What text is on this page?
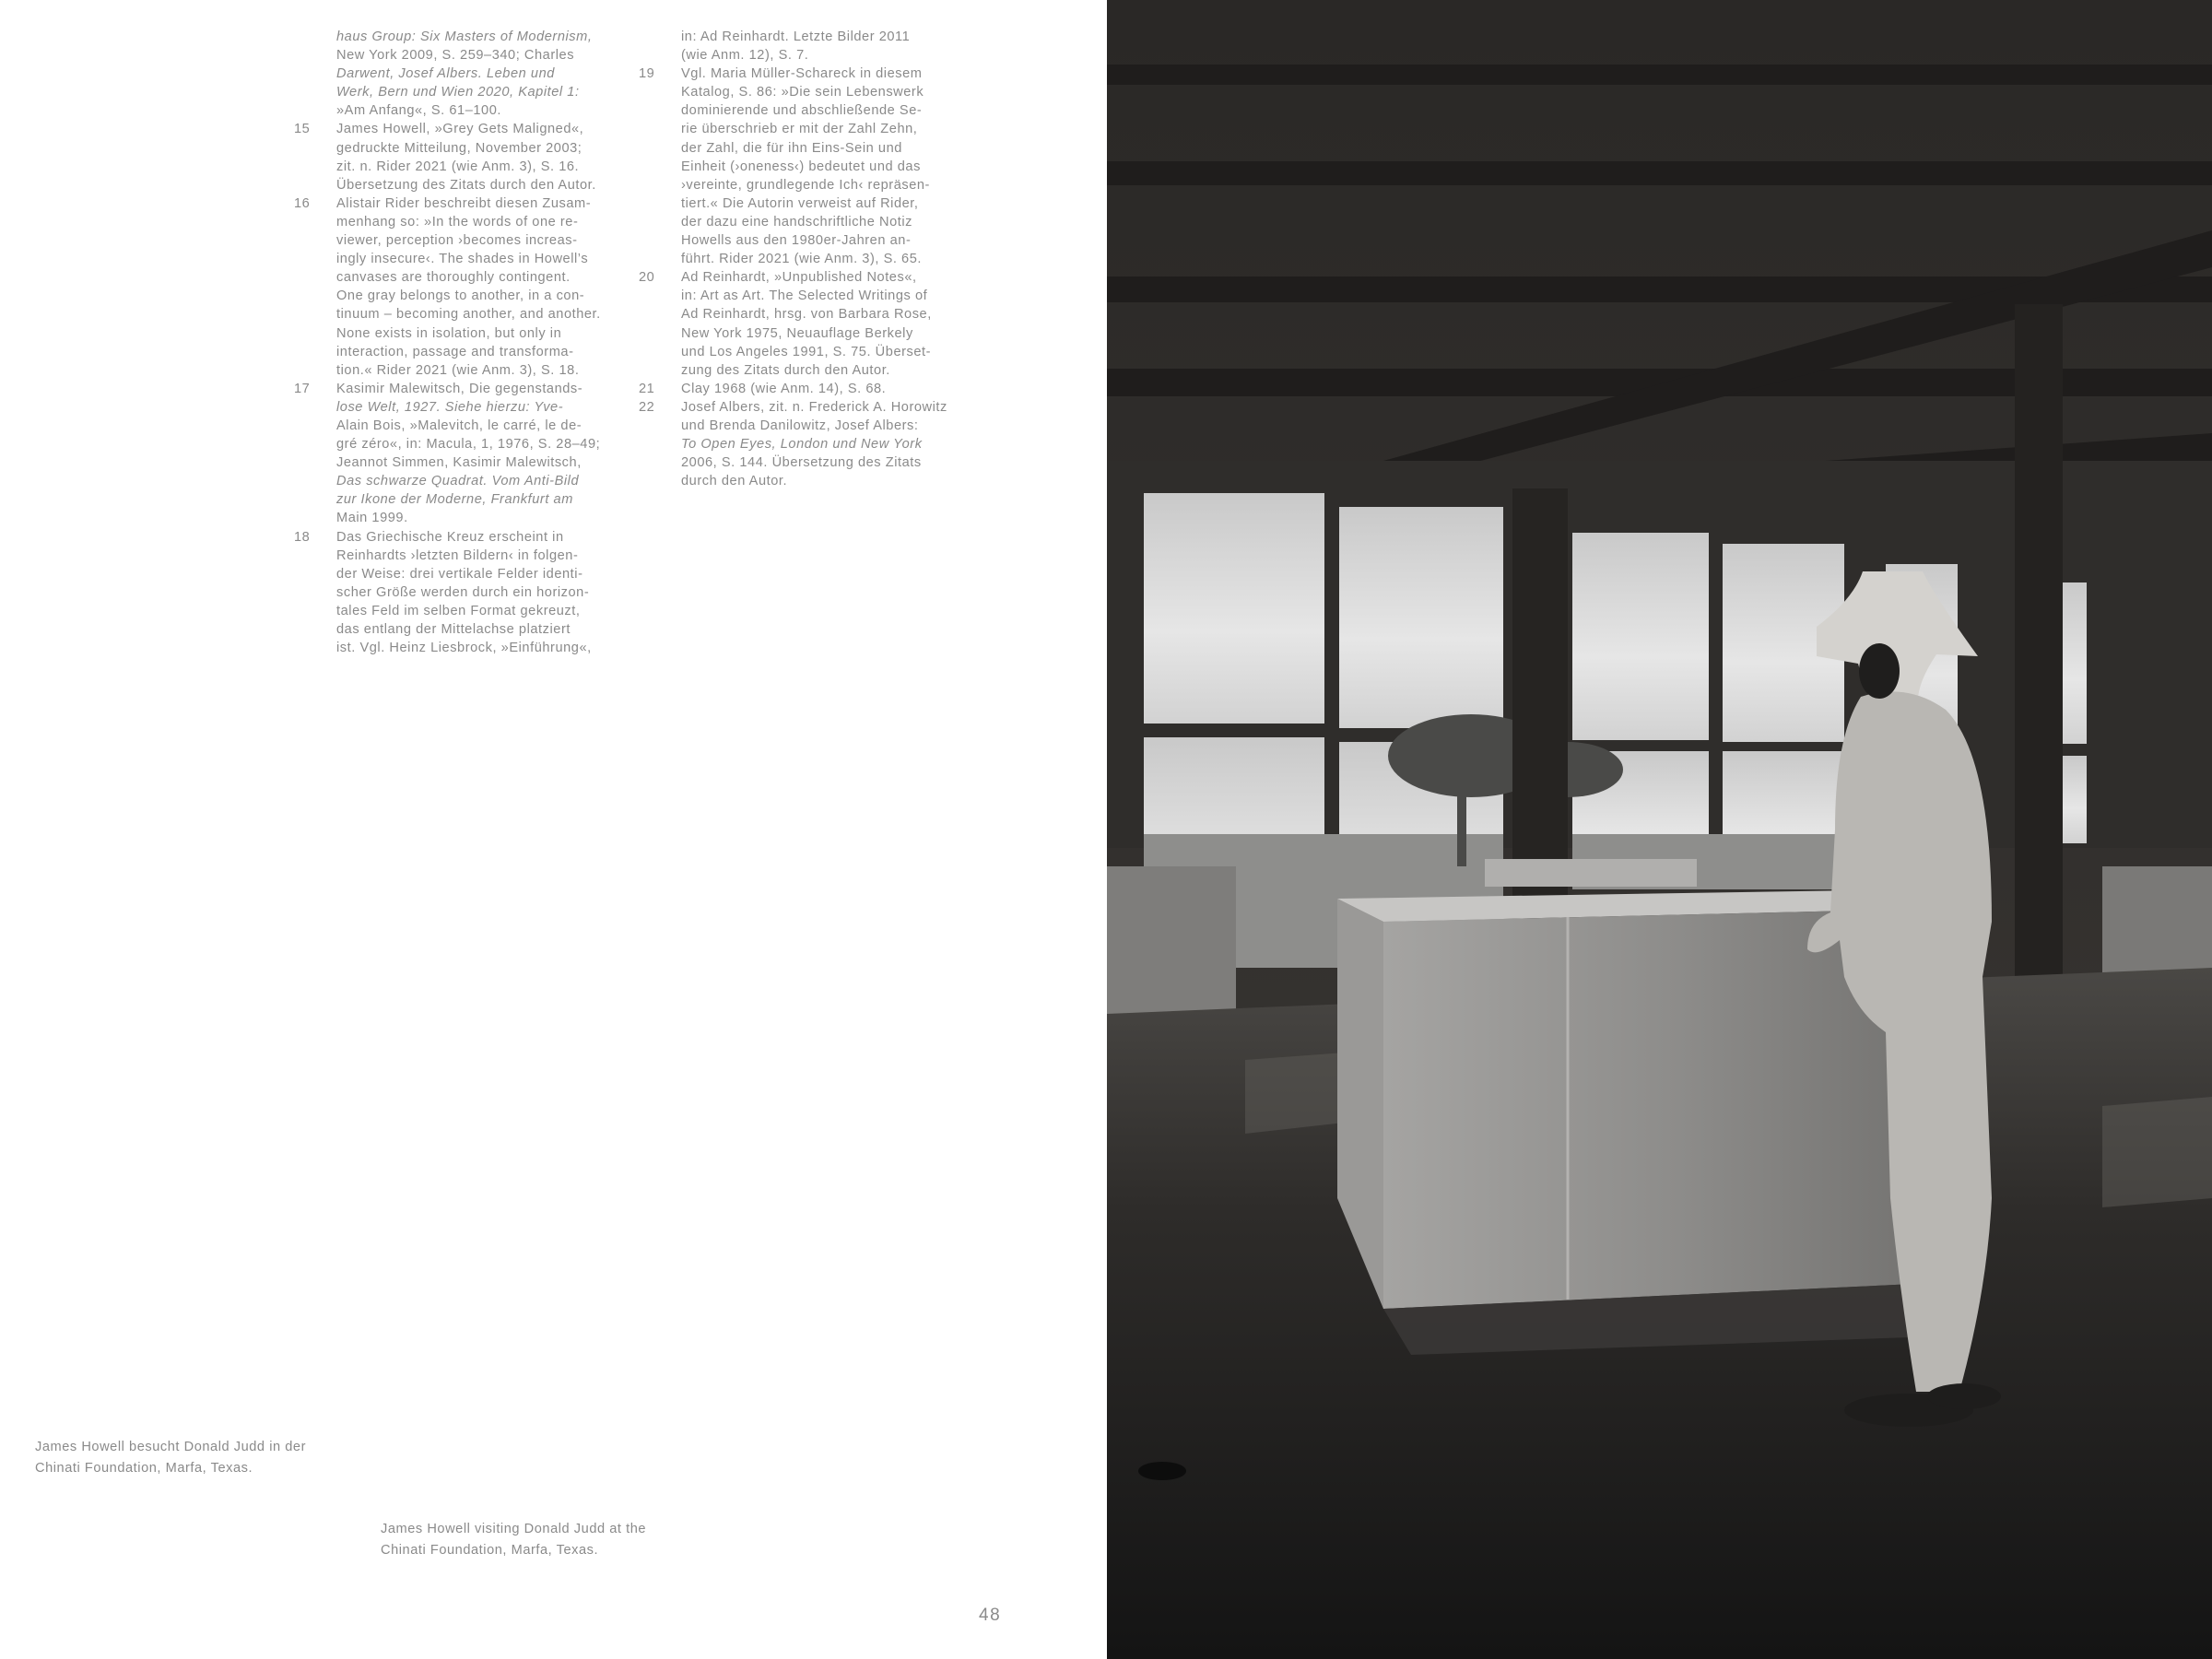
haus Group: Six Masters of Modernism,
New York 2009, S. 259–340; Charles
Darwent, Josef Albers. Leben und
Werk, Bern und Wien 2020, Kapitel 1:
»Am Anfang«, S. 61–100.
15	James Howell, »Grey Gets Maligned«,
gedruckte Mitteilung, November 2003;
zit. n. Rider 2021 (wie Anm. 3), S. 16.
Übersetzung des Zitats durch den Autor.
16	Alistair Rider beschreibt diesen Zusam-
menhang so: »In the words of one re-
viewer, perception ›becomes increas-
ingly insecure‹. The shades in Howell’s
canvases are thoroughly contingent.
One gray belongs to another, in a con-
tinuum – becoming another, and another.
None exists in isolation, but only in
interaction, passage and transforma-
tion.« Rider 2021 (wie Anm. 3), S. 18.
17	Kasimir Malewitsch, Die gegenstands-
lose Welt, 1927. Siehe hierzu: Yve-
Alain Bois, »Malevitch, le carré, le de-
gré zéro«, in: Macula, 1, 1976, S. 28–49;
Jeannot Simmen, Kasimir Malewitsch,
Das schwarze Quadrat. Vom Anti-Bild
zur Ikone der Moderne, Frankfurt am
Main 1999.
18	Das Griechische Kreuz erscheint in
Reinhardts ›letzten Bildern‹ in folgen-
der Weise: drei vertikale Felder identi-
scher Größe werden durch ein horizon-
tales Feld im selben Format gekreuzt,
das entlang der Mittelachse platziert
ist. Vgl. Heinz Liesbrock, »Einführung«,
in: Ad Reinhardt. Letzte Bilder 2011
(wie Anm. 12), S. 7.
19	Vgl. Maria Müller-Schareck in diesem
Katalog, S. 86: »Die sein Lebenswerk
dominierende und abschließende Se-
rie überschrieb er mit der Zahl Zehn,
der Zahl, die für ihn Eins-Sein und
Einheit (›oneness‹) bedeutet und das
›vereinte, grundlegende Ich‹ repräsen-
tiert.« Die Autorin verweist auf Rider,
der dazu eine handschriftliche Notiz
Howells aus den 1980er-Jahren an-
führt. Rider 2021 (wie Anm. 3), S. 65.
20	Ad Reinhardt, »Unpublished Notes«,
in: Art as Art. The Selected Writings of
Ad Reinhardt, hrsg. von Barbara Rose,
New York 1975, Neuauflage Berkely
und Los Angeles 1991, S. 75. Überset-
zung des Zitats durch den Autor.
21	Clay 1968 (wie Anm. 14), S. 68.
22	Josef Albers, zit. n. Frederick A. Horowitz
und Brenda Danilowitz, Josef Albers:
To Open Eyes, London und New York
2006, S. 144. Übersetzung des Zitats
durch den Autor.
James Howell besucht Donald Judd in der
Chinati Foundation, Marfa, Texas.
James Howell visiting Donald Judd at the
Chinati Foundation, Marfa, Texas.
48
